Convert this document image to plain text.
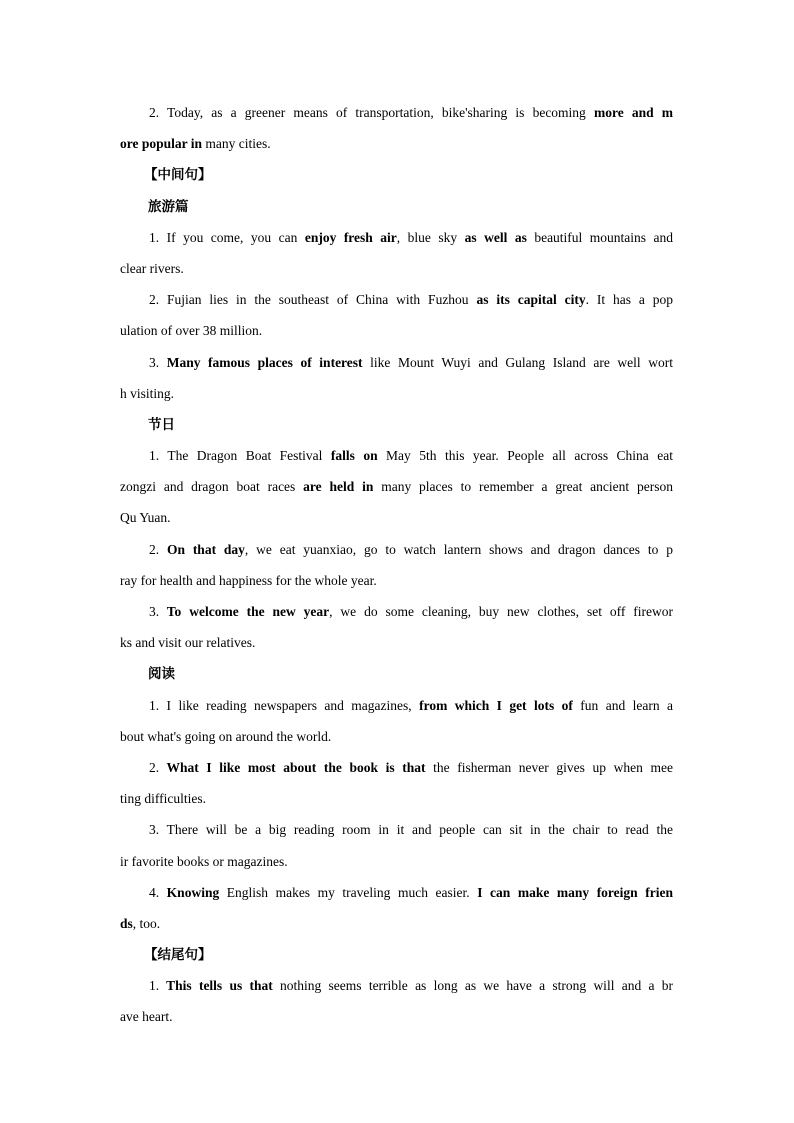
2. Today, as a greener means of transportation, bike'sharing is becoming more and m
ore popular in many cities.
【中间句】
旅游篇
1. If you come, you can enjoy fresh air, blue sky as well as beautiful mountains and
clear rivers.
2. Fujian lies in the southeast of China with Fuzhou as its capital city. It has a pop
ulation of over 38 million.
3. Many famous places of interest like Mount Wuyi and Gulang Island are well wort
h visiting.
节日
1. The Dragon Boat Festival falls on May 5th this year. People all across China eat
zongzi and dragon boat races are held in many places to remember a great ancient person
Qu Yuan.
2. On that day, we eat yuanxiao, go to watch lantern shows and dragon dances to p
ray for health and happiness for the whole year.
3. To welcome the new year, we do some cleaning, buy new clothes, set off firewor
ks and visit our relatives.
阅读
1. I like reading newspapers and magazines, from which I get lots of fun and learn a
bout what's going on around the world.
2. What I like most about the book is that the fisherman never gives up when mee
ting difficulties.
3. There will be a big reading room in it and people can sit in the chair to read the
ir favorite books or magazines.
4. Knowing English makes my traveling much easier. I can make many foreign frien
ds, too.
【结尾句】
1. This tells us that nothing seems terrible as long as we have a strong will and a br
ave heart.
